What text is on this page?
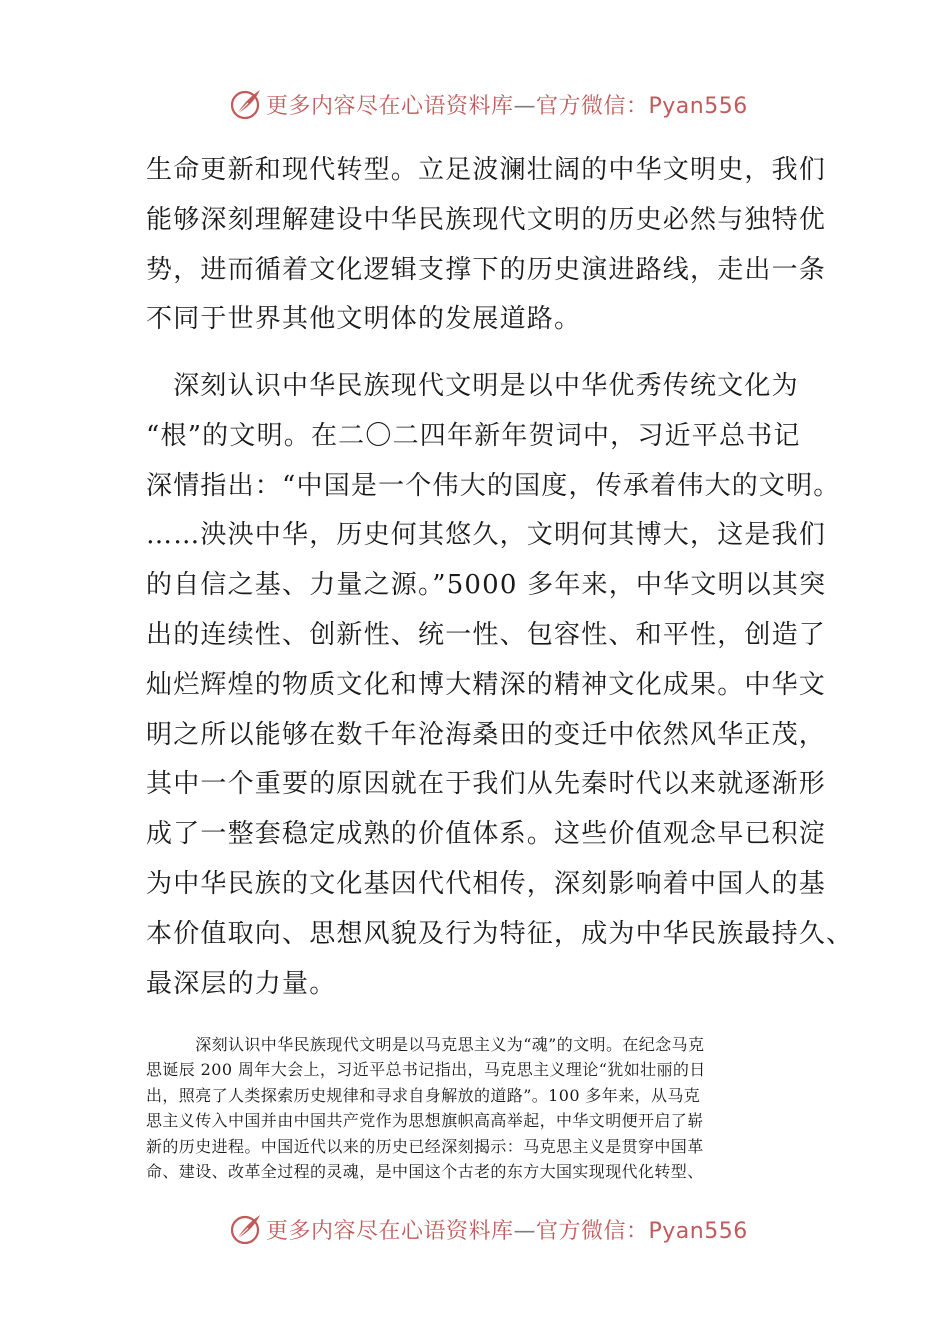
更多内容尽在心语资料库—官方微信：Pyan556
生命更新和现代转型。立足波澜壮阔的中华文明史，我们
能够深刻理解建设中华民族现代文明的历史必然与独特优
势，进而循着文化逻辑支撑下的历史演进路线，走出一条
不同于世界其他文明体的发展道路。
　深刻认识中华民族现代文明是以中华优秀传统文化为
“根”的文明。在二〇二四年新年贺词中，习近平总书记
深情指出：“中国是一个伟大的国度，传承着伟大的文明。
……泱泱中华，历史何其悠久，文明何其博大，这是我们
的自信之基、力量之源。”5000 多年来，中华文明以其突
出的连续性、创新性、统一性、包容性、和平性，创造了
灿烂辉煌的物质文化和博大精深的精神文化成果。中华文
明之所以能够在数千年沧海桑田的变迁中依然风华正茂，
其中一个重要的原因就在于我们从先秦时代以来就逐渐形
成了一整套稳定成熟的价值体系。这些价值观念早已积淀
为中华民族的文化基因代代相传，深刻影响着中国人的基
本价值取向、思想风貌及行为特征，成为中华民族最持久、
最深层的力量。
　　　深刻认识中华民族现代文明是以马克思主义为“魂”的文明。在纪念马克
思诞辰 200 周年大会上，习近平总书记指出，马克思主义理论“犹如壮丽的日
出，照亮了人类探索历史规律和寻求自身解放的道路”。100 多年来，从马克
思主义传入中国并由中国共产党作为思想旗帜高高举起，中华文明便开启了崭
新的历史进程。中国近代以来的历史已经深刻揭示：马克思主义是贯穿中国革
命、建设、改革全过程的灵魂，是中国这个古老的东方大国实现现代化转型、
更多内容尽在心语资料库—官方微信：Pyan556
